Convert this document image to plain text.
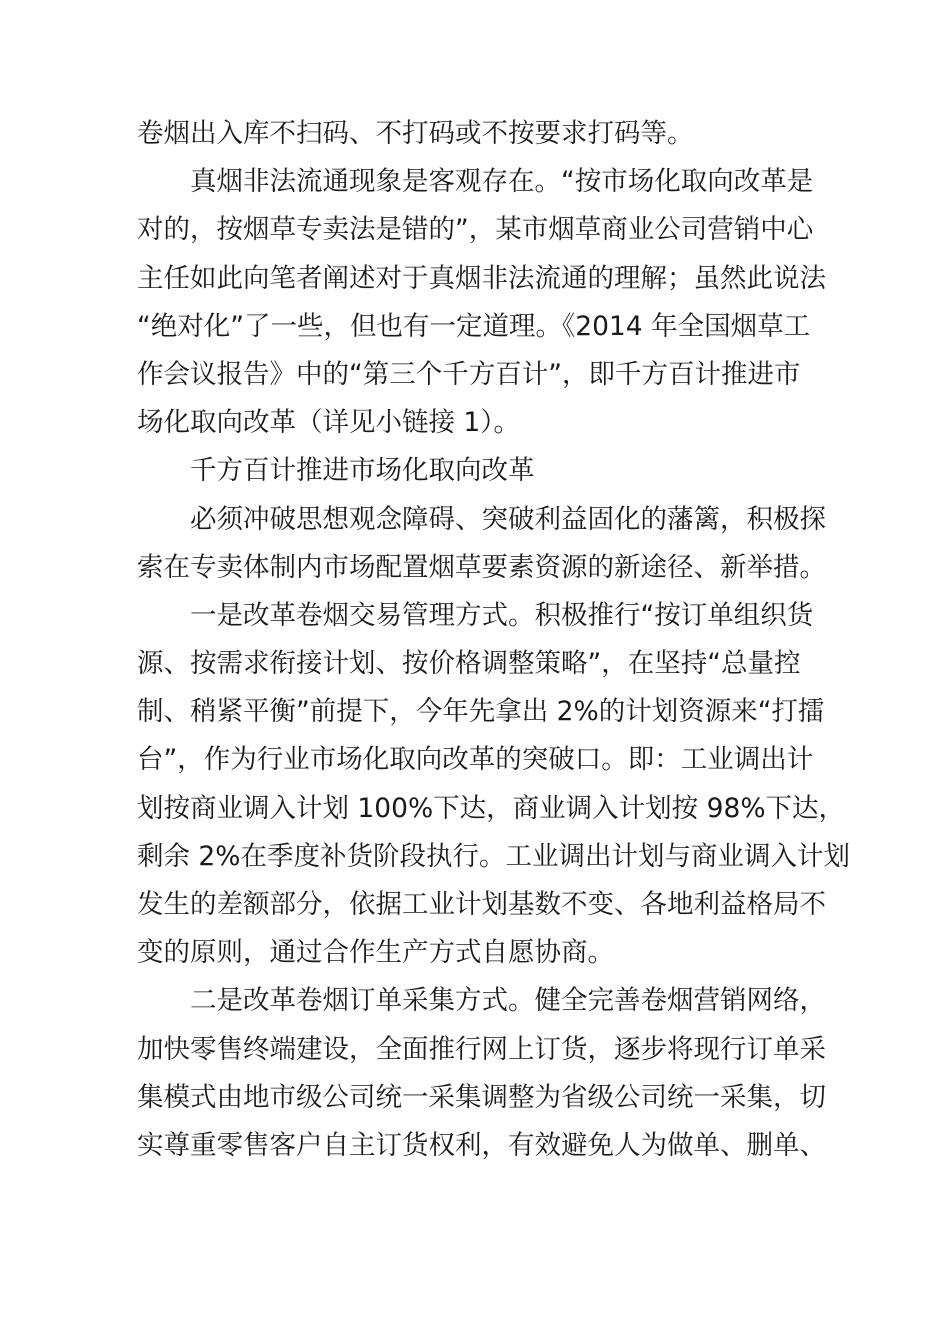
卷烟出入库不扫码、不打码或不按要求打码等。
真烟非法流通现象是客观存在。“按市场化取向改革是
对的，按烟草专卖法是错的”，某市烟草商业公司营销中心
主任如此向笔者阐述对于真烟非法流通的理解；虽然此说法
“绝对化”了一些，但也有一定道理。《2014 年全国烟草工
作会议报告》中的“第三个千方百计”，即千方百计推进市
场化取向改革（详见小链接 1）。
千方百计推进市场化取向改革
必须冲破思想观念障碍、突破利益固化的藩篱，积极探
索在专卖体制内市场配置烟草要素资源的新途径、新举措。
一是改革卷烟交易管理方式。积极推行“按订单组织货
源、按需求衔接计划、按价格调整策略”，在坚持“总量控
制、稍紧平衡”前提下，今年先拿出 2%的计划资源来“打擂
台”，作为行业市场化取向改革的突破口。即：工业调出计
划按商业调入计划 100%下达，商业调入计划按 98%下达，
剩余 2%在季度补货阶段执行。工业调出计划与商业调入计划
发生的差额部分，依据工业计划基数不变、各地利益格局不
变的原则，通过合作生产方式自愿协商。
二是改革卷烟订单采集方式。健全完善卷烟营销网络，
加快零售终端建设，全面推行网上订货，逐步将现行订单采
集模式由地市级公司统一采集调整为省级公司统一采集，切
实尊重零售客户自主订货权利，有效避免人为做单、删单、
